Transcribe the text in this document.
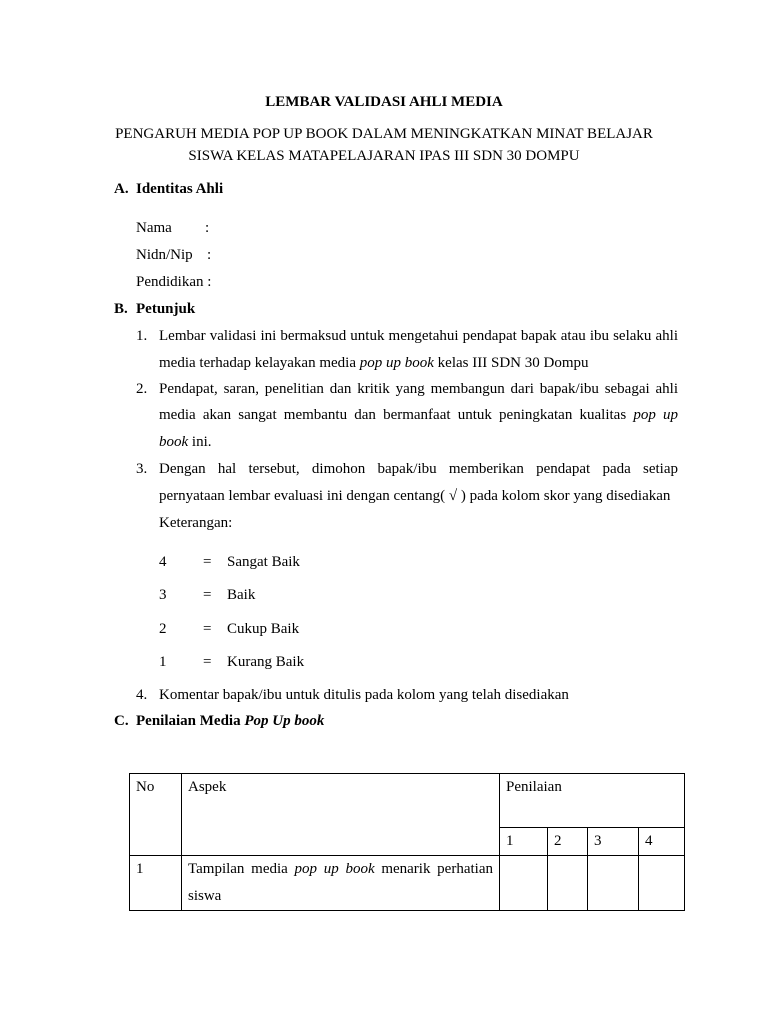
LEMBAR VALIDASI AHLI MEDIA
PENGARUH MEDIA POP UP BOOK DALAM MENINGKATKAN MINAT BELAJAR
SISWA KELAS MATAPELAJARAN IPAS III SDN 30 DOMPU
A. Identitas Ahli
Nama :
Nidn/Nip :
Pendidikan :
B. Petunjuk
1. Lembar validasi ini bermaksud untuk mengetahui pendapat bapak atau ibu selaku ahli
media terhadap kelayakan media pop up book kelas III SDN 30 Dompu
2. Pendapat, saran, penelitian dan kritik yang membangun dari bapak/ibu sebagai ahli
media akan sangat membantu dan bermanfaat untuk peningkatan kualitas pop up
book ini.
3. Dengan hal tersebut, dimohon bapak/ibu memberikan pendapat pada setiap
pernyataan lembar evaluasi ini dengan centang( √ ) pada kolom skor yang disediakan
Keterangan:
4 = Sangat Baik
3 = Baik
2 = Cukup Baik
1 = Kurang Baik
4. Komentar bapak/ibu untuk ditulis pada kolom yang telah disediakan
C. Penilaian Media Pop Up book
No	Aspek	Penilaian			
		1	2	3	4
1	Tampilan media pop up book menarik perhatian
siswa				
